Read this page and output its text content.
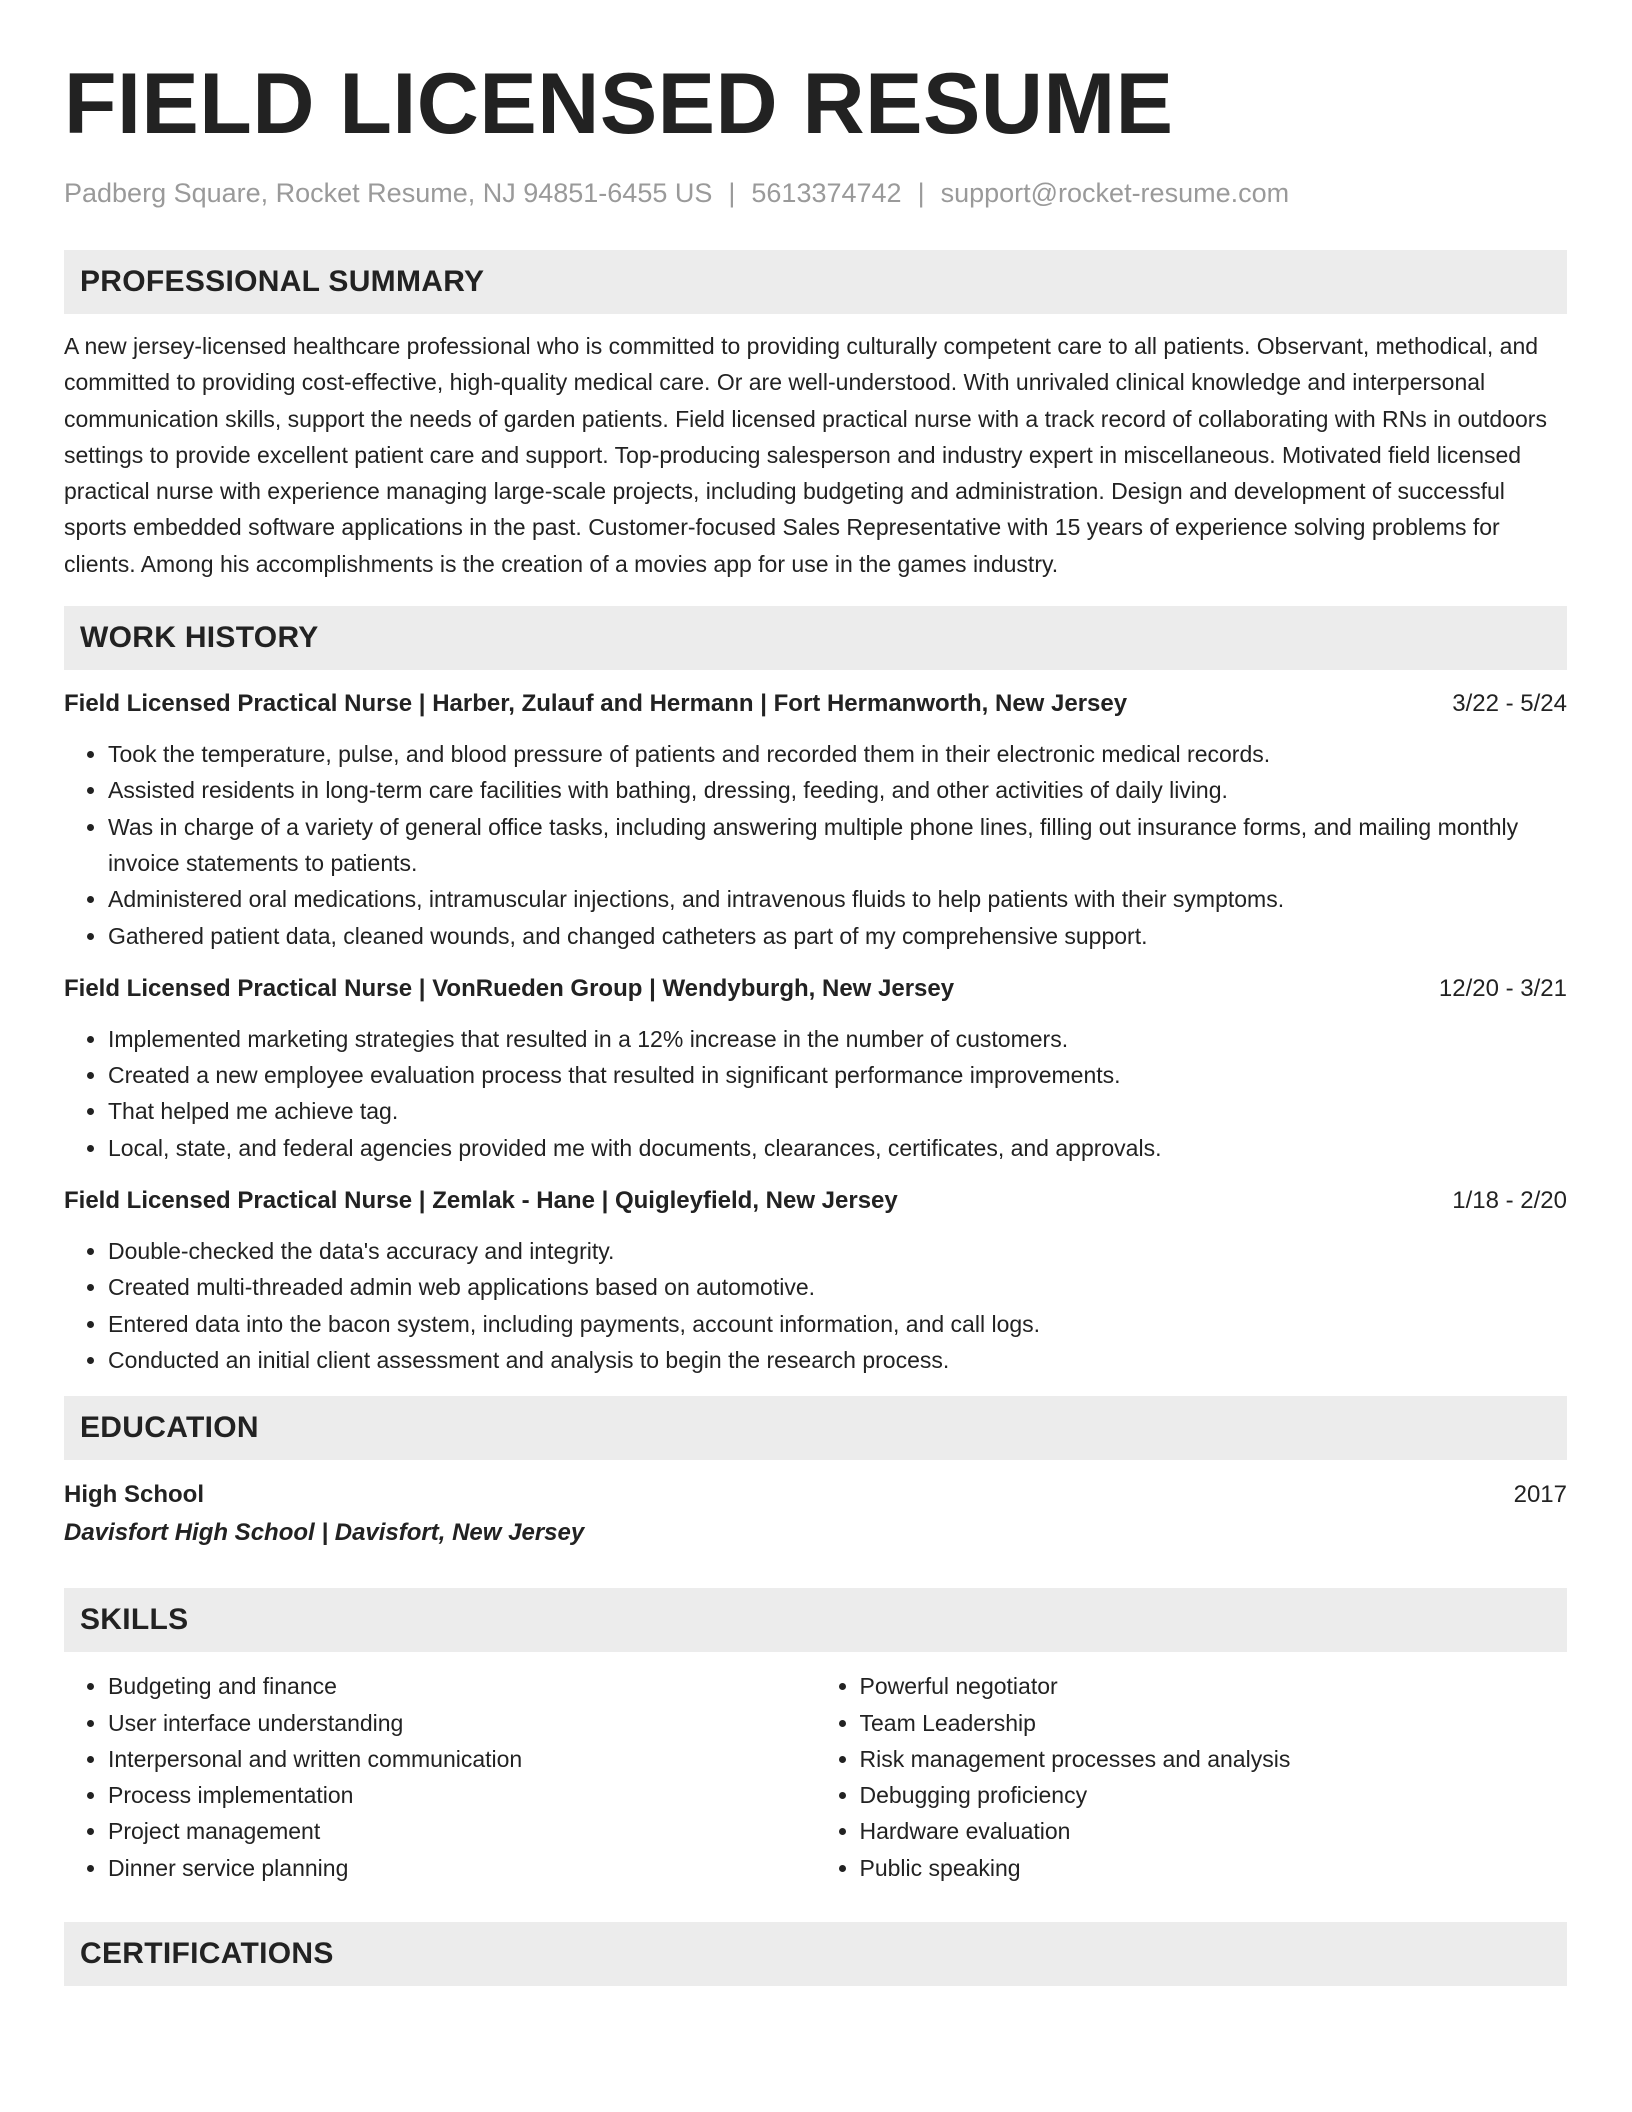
FIELD LICENSED RESUME
Padberg Square, Rocket Resume, NJ 94851-6455 US | 5613374742 | support@rocket-resume.com
PROFESSIONAL SUMMARY

A new jersey-licensed healthcare professional who is committed to providing culturally competent care to all patients. Observant, methodical, and committed to providing cost-effective, high-quality medical care. Or are well-understood. With unrivaled clinical knowledge and interpersonal communication skills, support the needs of garden patients. Field licensed practical nurse with a track record of collaborating with RNs in outdoors settings to provide excellent patient care and support. Top-producing salesperson and industry expert in miscellaneous. Motivated field licensed practical nurse with experience managing large-scale projects, including budgeting and administration. Design and development of successful sports embedded software applications in the past. Customer-focused Sales Representative with 15 years of experience solving problems for clients. Among his accomplishments is the creation of a movies app for use in the games industry.

WORK HISTORY
Field Licensed Practical Nurse | Harber, Zulauf and Hermann | Fort Hermanworth, New Jersey	3/22 - 5/24
• Took the temperature, pulse, and blood pressure of patients and recorded them in their electronic medical records.
• Assisted residents in long-term care facilities with bathing, dressing, feeding, and other activities of daily living.
• Was in charge of a variety of general office tasks, including answering multiple phone lines, filling out insurance forms, and mailing monthly invoice statements to patients.
• Administered oral medications, intramuscular injections, and intravenous fluids to help patients with their symptoms.
• Gathered patient data, cleaned wounds, and changed catheters as part of my comprehensive support.
Field Licensed Practical Nurse | VonRueden Group | Wendyburgh, New Jersey	12/20 - 3/21
• Implemented marketing strategies that resulted in a 12% increase in the number of customers.
• Created a new employee evaluation process that resulted in significant performance improvements.
• That helped me achieve tag.
• Local, state, and federal agencies provided me with documents, clearances, certificates, and approvals.
Field Licensed Practical Nurse | Zemlak - Hane | Quigleyfield, New Jersey	1/18 - 2/20
• Double-checked the data's accuracy and integrity.
• Created multi-threaded admin web applications based on automotive.
• Entered data into the bacon system, including payments, account information, and call logs.
• Conducted an initial client assessment and analysis to begin the research process.
EDUCATION
High School	2017
Davisfort High School | Davisfort, New Jersey
SKILLS
• Budgeting and finance
• User interface understanding
• Interpersonal and written communication
• Process implementation
• Project management
• Dinner service planning
• Powerful negotiator
• Team Leadership
• Risk management processes and analysis
• Debugging proficiency
• Hardware evaluation
• Public speaking
CERTIFICATIONS
